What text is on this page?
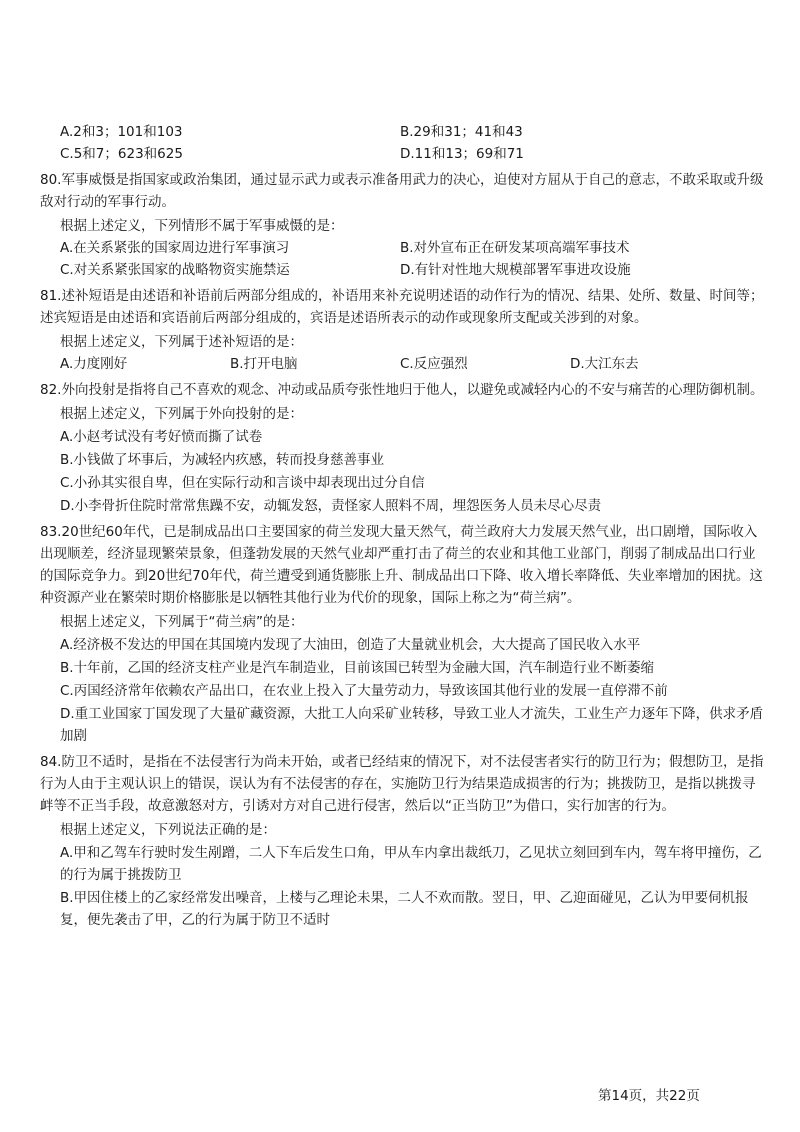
A.2和3；101和103	B.29和31；41和43
C.5和7；623和625	D.11和13；69和71
80.军事威慑是指国家或政治集团，通过显示武力或表示准备用武力的决心，迫使对方屈从于自己的意志，不敢采取或升级敌对行动的军事行动。
根据上述定义，下列情形不属于军事威慑的是：
A.在关系紧张的国家周边进行军事演习	B.对外宣布正在研发某项高端军事技术
C.对关系紧张国家的战略物资实施禁运	D.有针对性地大规模部署军事进攻设施
81.述补短语是由述语和补语前后两部分组成的，补语用来补充说明述语的动作行为的情况、结果、处所、数量、时间等；述宾短语是由述语和宾语前后两部分组成的，宾语是述语所表示的动作或现象所支配或关涉到的对象。
根据上述定义，下列属于述补短语的是：
A.力度刚好	B.打开电脑	C.反应强烈	D.大江东去
82.外向投射是指将自己不喜欢的观念、冲动或品质夸张性地归于他人，以避免或减轻内心的不安与痛苦的心理防御机制。
根据上述定义，下列属于外向投射的是：
A.小赵考试没有考好愤而撕了试卷
B.小钱做了坏事后，为减轻内疚感，转而投身慈善事业
C.小孙其实很自卑，但在实际行动和言谈中却表现出过分自信
D.小李骨折住院时常常焦躁不安，动辄发怒，责怪家人照料不周，埋怨医务人员未尽心尽责
83.20世纪60年代，已是制成品出口主要国家的荷兰发现大量天然气，荷兰政府大力发展天然气业，出口剧增，国际收入出现顺差，经济显现繁荣景象，但蓬勃发展的天然气业却严重打击了荷兰的农业和其他工业部门，削弱了制成品出口行业的国际竞争力。到20世纪70年代，荷兰遭受到通货膨胀上升、制成品出口下降、收入增长率降低、失业率增加的困扰。这种资源产业在繁荣时期价格膨胀是以牺牲其他行业为代价的现象，国际上称之为“荷兰病”。
根据上述定义，下列属于“荷兰病”的是：
A.经济极不发达的甲国在其国境内发现了大油田，创造了大量就业机会，大大提高了国民收入水平
B.十年前，乙国的经济支柱产业是汽车制造业，目前该国已转型为金融大国，汽车制造行业不断萎缩
C.丙国经济常年依赖农产品出口，在农业上投入了大量劳动力，导致该国其他行业的发展一直停滞不前
D.重工业国家丁国发现了大量矿藏资源，大批工人向采矿业转移，导致工业人才流失，工业生产力逐年下降，供求矛盾加剧
84.防卫不适时，是指在不法侵害行为尚未开始，或者已经结束的情况下，对不法侵害者实行的防卫行为；假想防卫，是指行为人由于主观认识上的错误，误认为有不法侵害的存在，实施防卫行为结果造成损害的行为；挑拨防卫，是指以挑拨寻衅等不正当手段，故意激怒对方，引诱对方对自己进行侵害，然后以“正当防卫”为借口，实行加害的行为。
根据上述定义，下列说法正确的是：
A.甲和乙驾车行驶时发生剐蹭，二人下车后发生口角，甲从车内拿出裁纸刀，乙见状立刻回到车内，驾车将甲撞伤，乙的行为属于挑拨防卫
B.甲因住楼上的乙家经常发出噪音，上楼与乙理论未果，二人不欢而散。翌日，甲、乙迎面碰见，乙认为甲要伺机报复，便先袭击了甲，乙的行为属于防卫不适时
第14页，共22页
